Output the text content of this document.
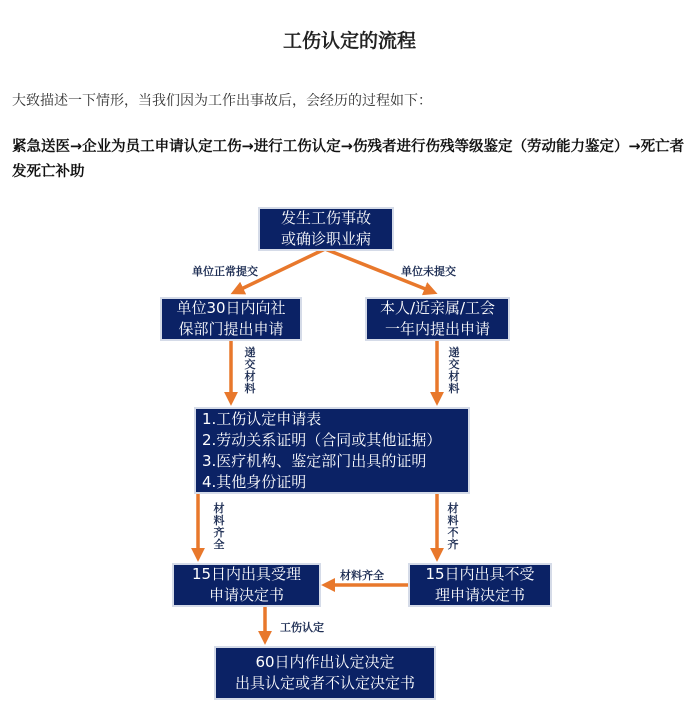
工伤认定的流程
大致描述一下情形，当我们因为工作出事故后，会经历的过程如下：
紧急送医→企业为员工申请认定工伤→进行工伤认定→伤残者进行伤残等级鉴定（劳动能力鉴定）→死亡者发死亡补助
发生工伤事故
或确诊职业病
单位正常提交	单位未提交
单位30日内向社
保部门提出申请
本人/近亲属/工会
一年内提出申请
递交材料
递交材料
1.工伤认定申请表
2.劳动关系证明（合同或其他证据）
3.医疗机构、鉴定部门出具的证明
4.其他身份证明
材料齐全
材料不齐
15日内出具受理
申请决定书
材料齐全	15日内出具不受
理申请决定书
工伤认定
60日内作出认定决定
出具认定或者不认定决定书
